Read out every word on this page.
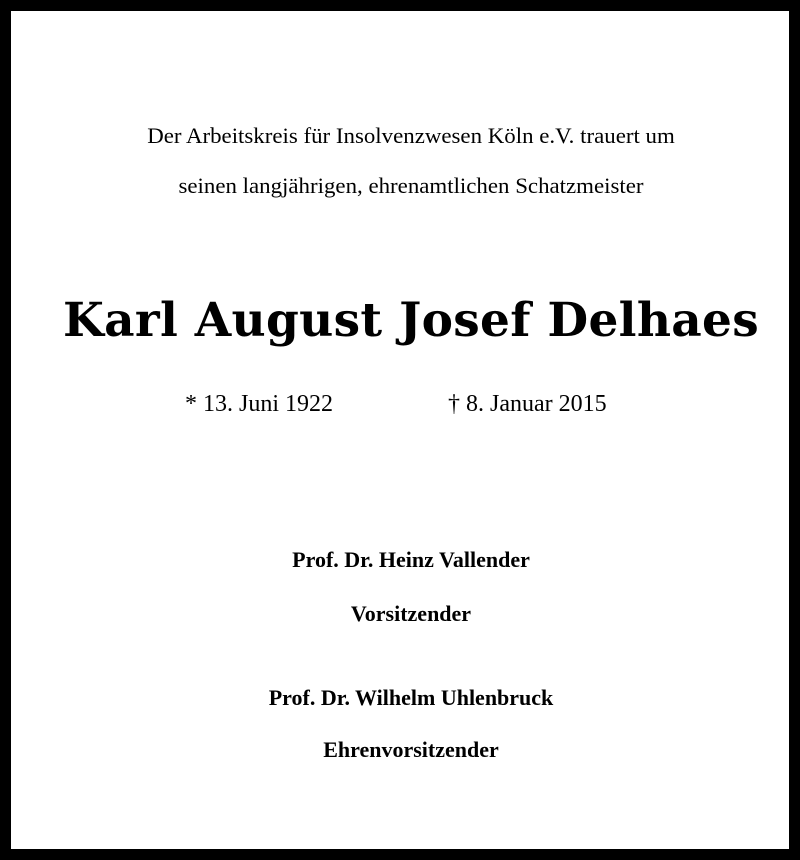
Der Arbeitskreis für Insolvenzwesen Köln e.V. trauert um
seinen langjährigen, ehrenamtlichen Schatzmeister
Karl August Josef Delhaes
* 13. Juni 1922	† 8. Januar 2015
Prof. Dr. Heinz Vallender
Vorsitzender
Prof. Dr. Wilhelm Uhlenbruck
Ehrenvorsitzender
